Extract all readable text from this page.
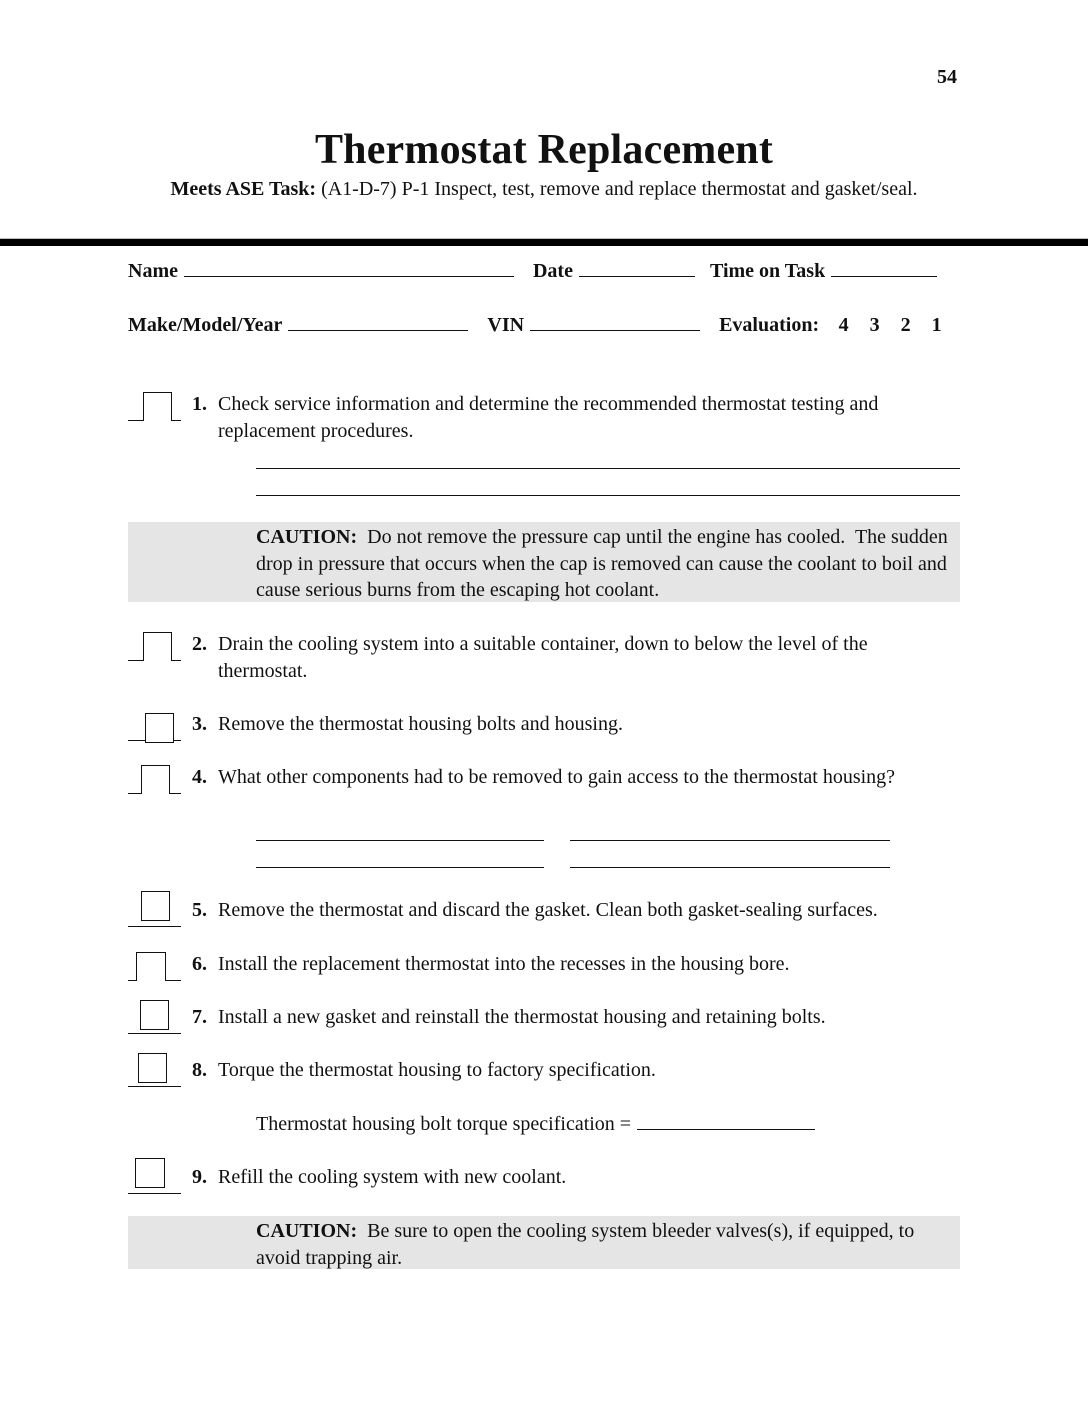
54
Thermostat Replacement
Meets ASE Task: (A1-D-7) P-1 Inspect, test, remove and replace thermostat and gasket/seal.
Name	Date	Time on Task
Make/Model/Year	VIN	Evaluation: 4 3 2 1
1. Check service information and determine the recommended thermostat testing and replacement procedures.
CAUTION:  Do not remove the pressure cap until the engine has cooled.  The sudden drop in pressure that occurs when the cap is removed can cause the coolant to boil and cause serious burns from the escaping hot coolant.
2. Drain the cooling system into a suitable container, down to below the level of the thermostat.
3. Remove the thermostat housing bolts and housing.
4. What other components had to be removed to gain access to the thermostat housing?
5. Remove the thermostat and discard the gasket. Clean both gasket-sealing surfaces.
6. Install the replacement thermostat into the recesses in the housing bore.
7. Install a new gasket and reinstall the thermostat housing and retaining bolts.
8. Torque the thermostat housing to factory specification.
Thermostat housing bolt torque specification =
9. Refill the cooling system with new coolant.
CAUTION:  Be sure to open the cooling system bleeder valves(s), if equipped, to avoid trapping air.
